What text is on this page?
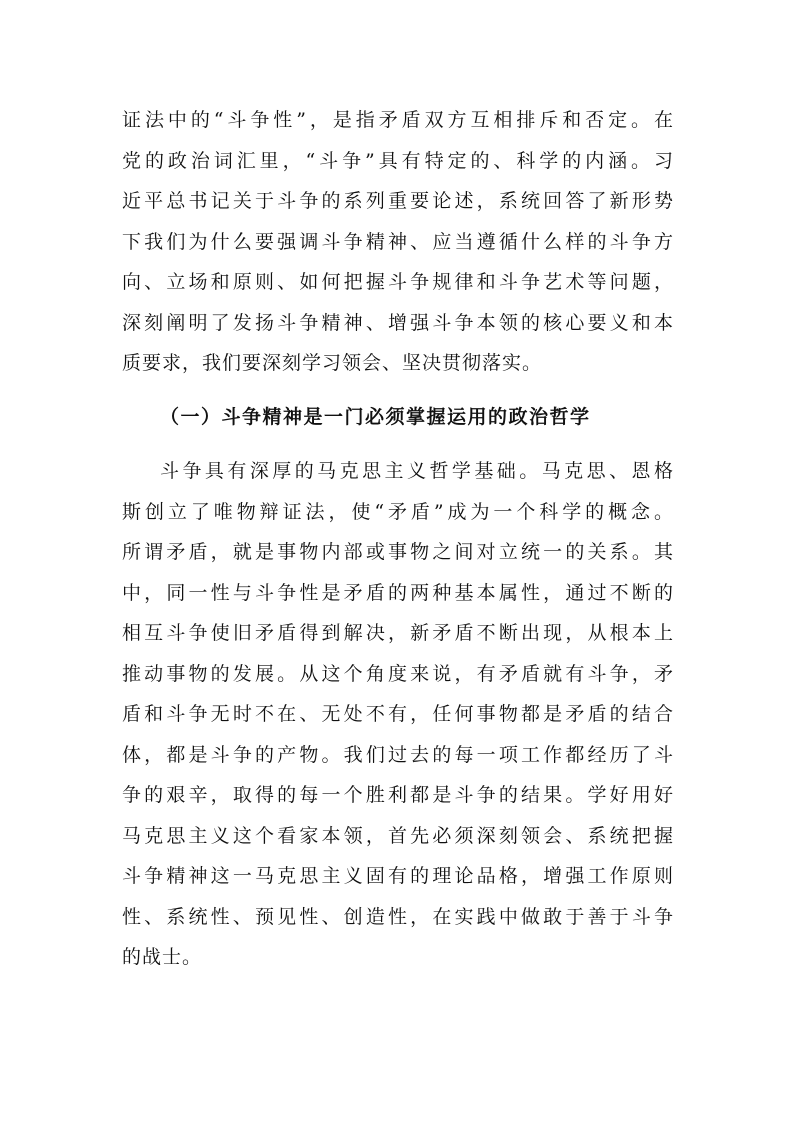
证法中的“斗争性”，是指矛盾双方互相排斥和否定。在
党的政治词汇里，“斗争”具有特定的、科学的内涵。习
近平总书记关于斗争的系列重要论述，系统回答了新形势
下我们为什么要强调斗争精神、应当遵循什么样的斗争方
向、立场和原则、如何把握斗争规律和斗争艺术等问题，
深刻阐明了发扬斗争精神、增强斗争本领的核心要义和本
质要求，我们要深刻学习领会、坚决贯彻落实。
（一）斗争精神是一门必须掌握运用的政治哲学
斗争具有深厚的马克思主义哲学基础。马克思、恩格
斯创立了唯物辩证法，使“矛盾”成为一个科学的概念。
所谓矛盾，就是事物内部或事物之间对立统一的关系。其
中，同一性与斗争性是矛盾的两种基本属性，通过不断的
相互斗争使旧矛盾得到解决，新矛盾不断出现，从根本上
推动事物的发展。从这个角度来说，有矛盾就有斗争，矛
盾和斗争无时不在、无处不有，任何事物都是矛盾的结合
体，都是斗争的产物。我们过去的每一项工作都经历了斗
争的艰辛，取得的每一个胜利都是斗争的结果。学好用好
马克思主义这个看家本领，首先必须深刻领会、系统把握
斗争精神这一马克思主义固有的理论品格，增强工作原则
性、系统性、预见性、创造性，在实践中做敢于善于斗争
的战士。
